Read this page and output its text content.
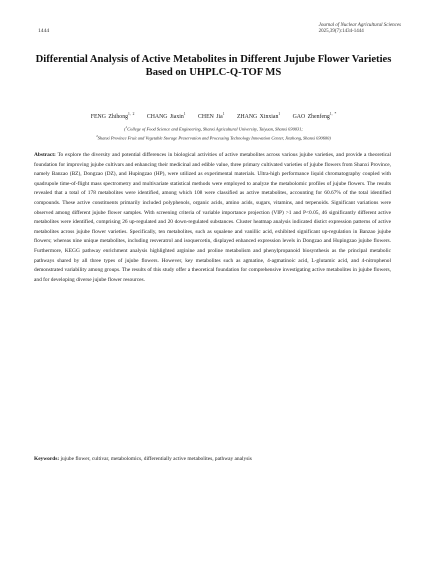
1444
Journal of Nuclear Agricultural Sciences
2025,39(7):1434-1444
Differential Analysis of Active Metabolites in Different Jujube Flower Varieties Based on UHPLC-Q-TOF MS
FENG Zhihong$^{1, 2}$ CHANG Jiaxin$^1$ CHEN Jia$^1$ ZHANG Xinxian$^1$ GAO Zhenfeng$^{1, *}$
($^1$College of Food Science and Engineering, Shanxi Agricultural University, Taiyuan, Shanxi 030031;
$^2$Shanxi Province Fruit and Vegetable Storage Preservation and Processing Technology Innovation Center, Jinzhong, Shanxi 030600)

Abstract: To explore the diversity and potential differences in biological activities of active metabolites across various jujube varieties, and provide a theoretical foundation for improving jujube cultivars and enhancing their medicinal and edible value, three primary cultivated varieties of jujube flowers from Shanxi Province, namely Banzao (BZ), Dongzao (DZ), and Hupingzao (HP), were utilized as experimental materials. Ultra-high performance liquid chromatography coupled with quadrupole time-of-flight mass spectrometry and multivariate statistical methods were employed to analyze the metabolomic profiles of jujube flowers. The results revealed that a total of 178 metabolites were identified, among which 108 were classified as active metabolites, accounting for 60.67% of the total identified compounds. These active constituents primarily included polyphenols, organic acids, amino acids, sugars, vitamins, and terpenoids. Significant variations were observed among different jujube flower samples. With screening criteria of variable importance projection (VIP) >1 and P<0.05, 46 significantly different active metabolites were identified, comprising 26 up-regulated and 20 down-regulated substances. Cluster heatmap analysis indicated distict expression patterns of active metabolites across jujube flower varieties. Specifically, ten metabolites, such as squalene and vanillic acid, exhibited significant up-regulation in Banzao jujube flowers; whereas nine unique metabolites, including resveratrol and isoquercetin, displayed enhanced expression levels in Dongzao and Hupingzao jujube flowers. Furthermore, KEGG pathway enrichment analysis highlighted arginine and proline metabolism and phenylpropanoid biosynthesis as the principal metabolic pathways shared by all three types of jujube flowers. However, key metabolites such as agmatine, 4-agmatinoic acid, L-glutamic acid, and 4-nitrophenol demonstrated variability among groups. The results of this study offer a theoretical foundation for comprehensive investigating active metabolites in jujube flowers, and for developing diverse jujube flower resources.

Keywords: jujube flower, cultivar, metabolomics, differentially active metabolites, pathway analysis
